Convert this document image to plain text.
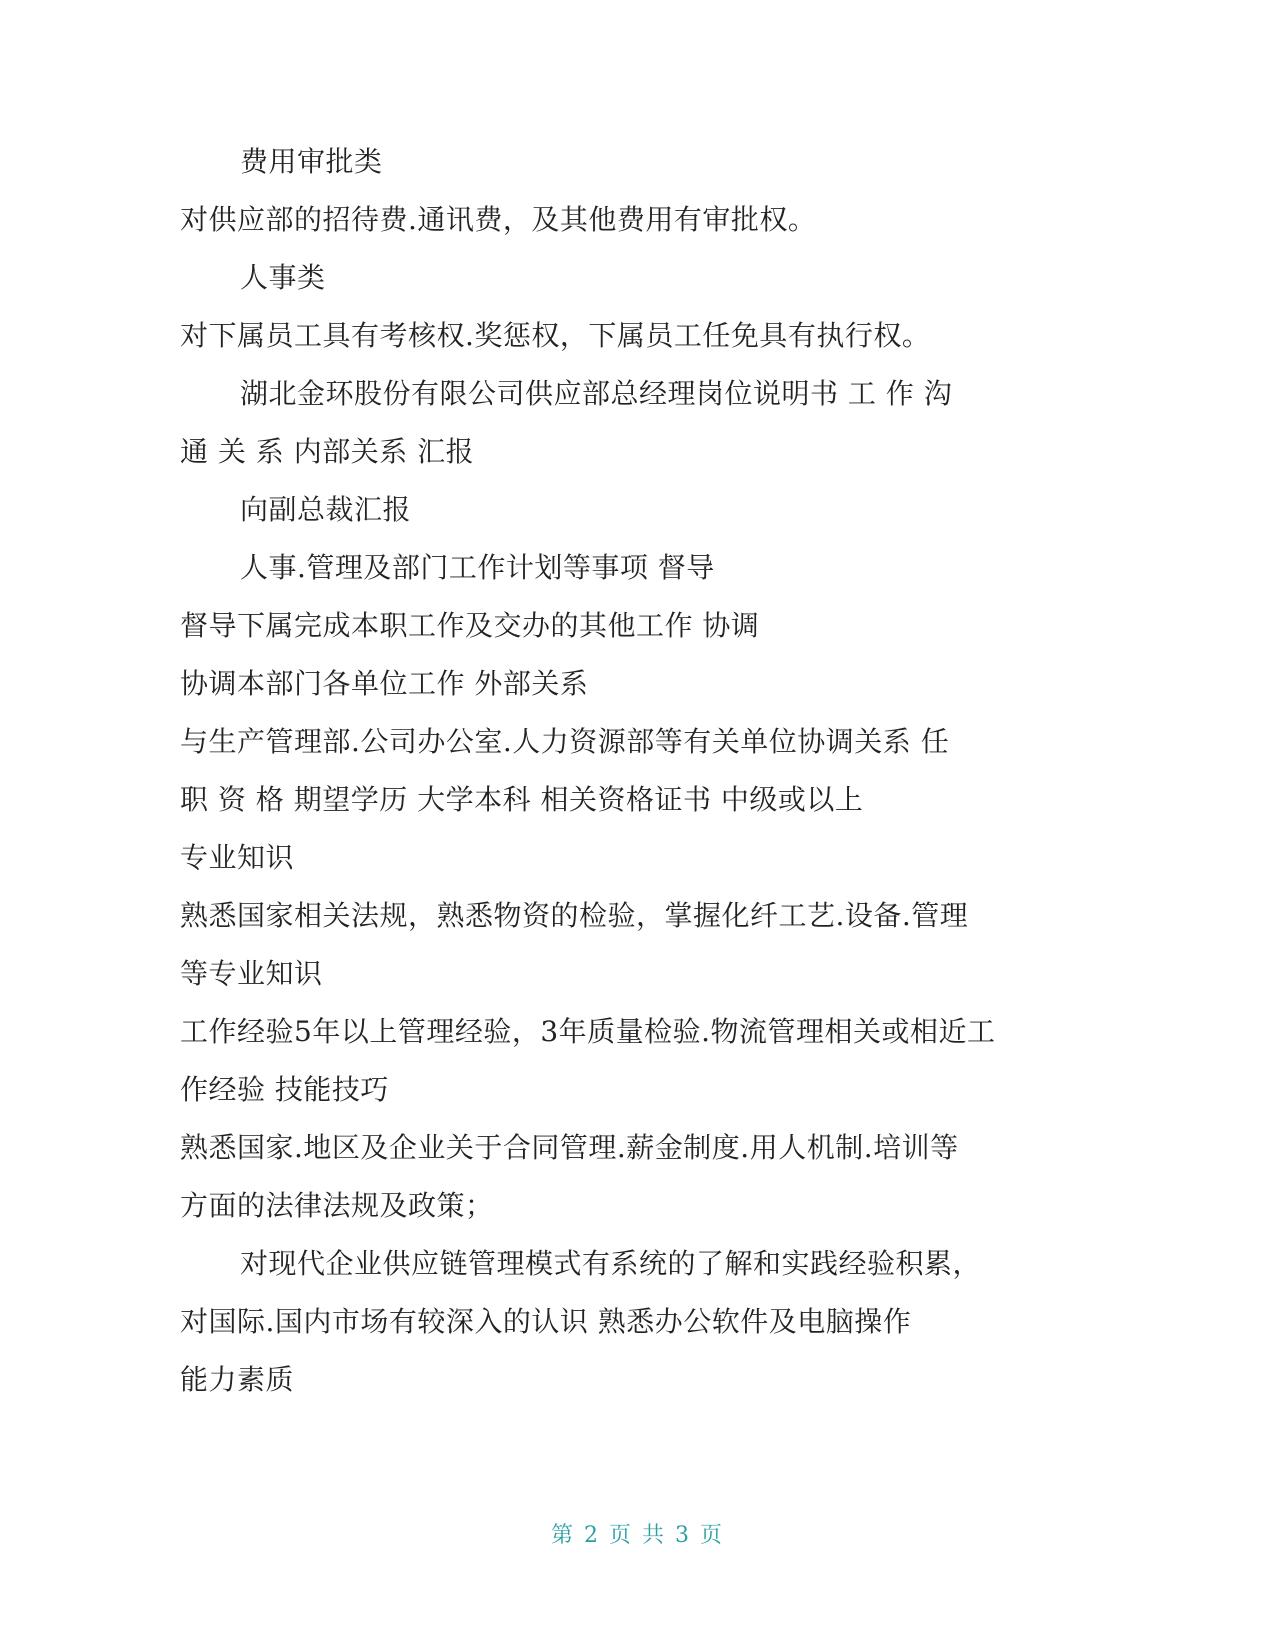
费用审批类
对供应部的招待费.通讯费，及其他费用有审批权。
人事类
对下属员工具有考核权.奖惩权，下属员工任免具有执行权。
湖北金环股份有限公司供应部总经理岗位说明书 工 作 沟
通 关 系 内部关系 汇报
向副总裁汇报
人事.管理及部门工作计划等事项 督导
督导下属完成本职工作及交办的其他工作 协调
协调本部门各单位工作 外部关系
与生产管理部.公司办公室.人力资源部等有关单位协调关系 任
职 资 格 期望学历 大学本科 相关资格证书 中级或以上
专业知识
熟悉国家相关法规，熟悉物资的检验，掌握化纤工艺.设备.管理
等专业知识
工作经验5年以上管理经验，3年质量检验.物流管理相关或相近工
作经验 技能技巧
熟悉国家.地区及企业关于合同管理.薪金制度.用人机制.培训等
方面的法律法规及政策；
对现代企业供应链管理模式有系统的了解和实践经验积累，
对国际.国内市场有较深入的认识 熟悉办公软件及电脑操作
能力素质
第 2 页 共 3 页
